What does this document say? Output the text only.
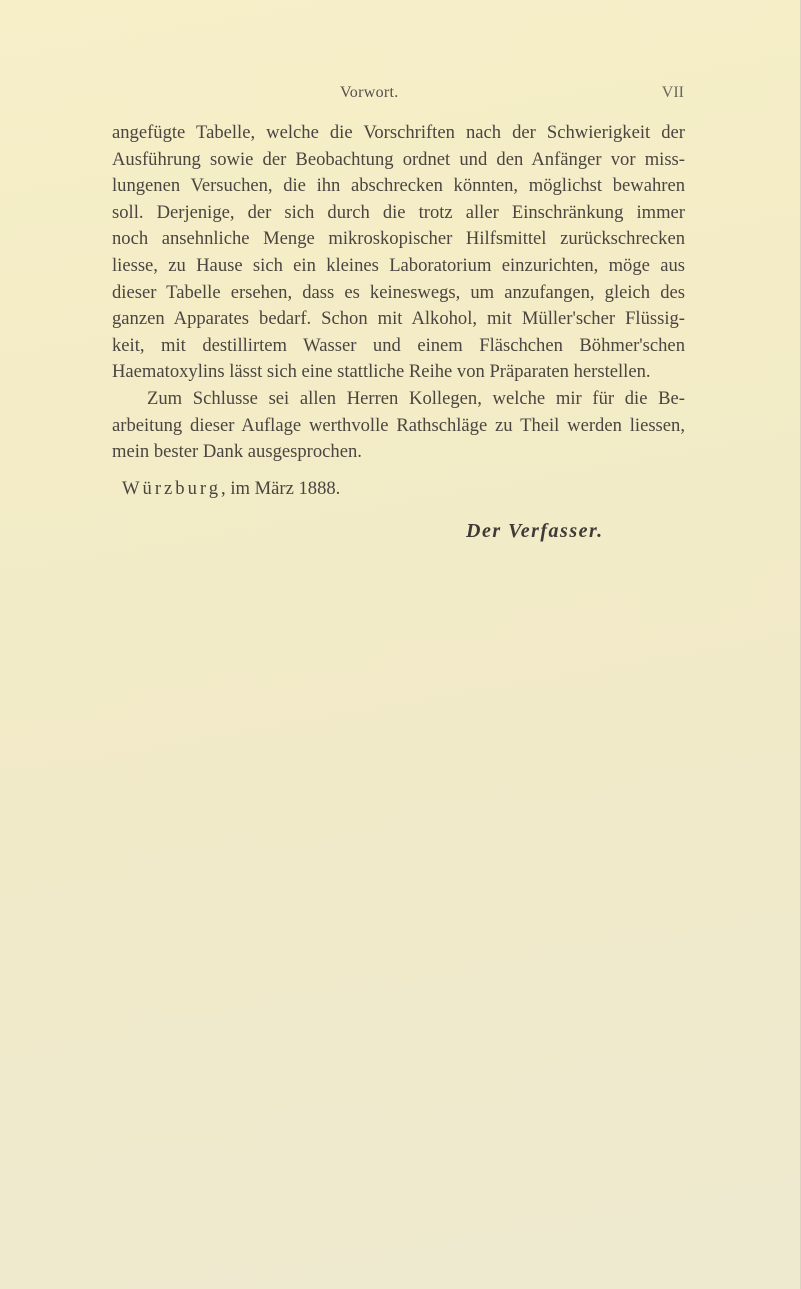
Vorwort.	VII
angefügte Tabelle, welche die Vorschriften nach der Schwierigkeit der
Ausführung sowie der Beobachtung ordnet und den Anfänger vor miss-
lungenen Versuchen, die ihn abschrecken könnten, möglichst bewahren
soll. Derjenige, der sich durch die trotz aller Einschränkung immer
noch ansehnliche Menge mikroskopischer Hilfsmittel zurückschrecken
liesse, zu Hause sich ein kleines Laboratorium einzurichten, möge aus
dieser Tabelle ersehen, dass es keineswegs, um anzufangen, gleich des
ganzen Apparates bedarf. Schon mit Alkohol, mit Müller'scher Flüssig-
keit, mit destillirtem Wasser und einem Fläschchen Böhmer'schen
Haematoxylins lässt sich eine stattliche Reihe von Präparaten herstellen.
Zum Schlusse sei allen Herren Kollegen, welche mir für die Be-
arbeitung dieser Auflage werthvolle Rathschläge zu Theil werden liessen,
mein bester Dank ausgesprochen.
Würzburg, im März 1888.
Der Verfasser.
